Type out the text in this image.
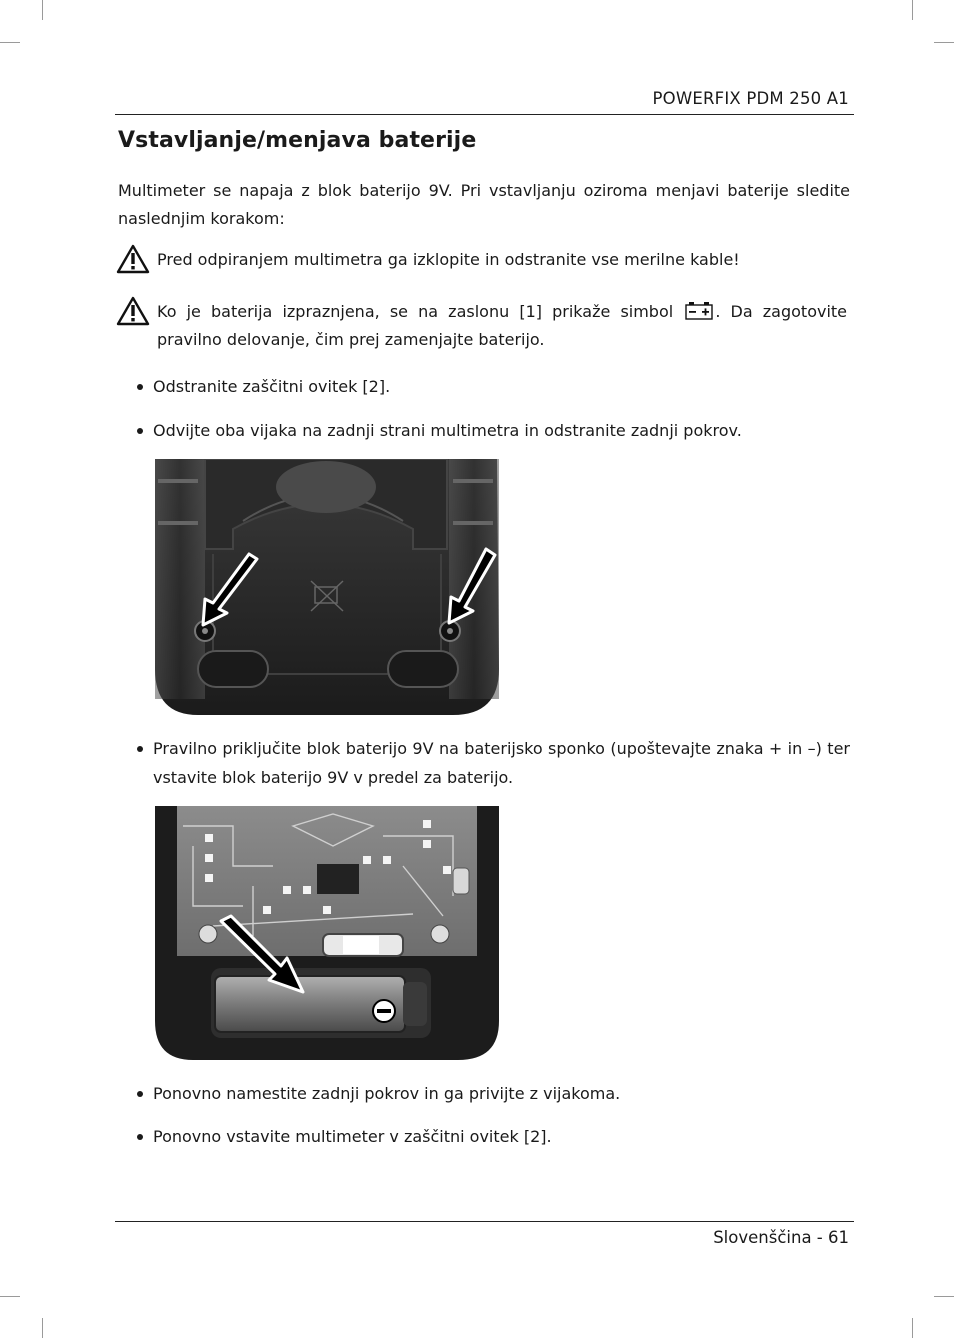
POWERFIX PDM 250 A1
Vstavljanje/menjava baterije
Multimeter se napaja z blok baterijo 9V. Pri vstavljanju oziroma menjavi baterije sledite naslednjim korakom:
Pred odpiranjem multimetra ga izklopite in odstranite vse merilne kable!
Ko je baterija izpraznjena, se na zaslonu [1] prikaže simbol	. Da zagotovite pravilno delovanje, čim prej zamenjajte baterijo.
Odstranite zaščitni ovitek [2].
Odvijte oba vijaka na zadnji strani multimetra in odstranite zadnji pokrov.
Pravilno priključite blok baterijo 9V na baterijsko sponko (upoštevajte znaka + in –) ter vstavite blok baterijo 9V v predel za baterijo.
Ponovno namestite zadnji pokrov in ga privijte z vijakoma.
Ponovno vstavite multimeter v zaščitni ovitek [2].
Slovenščina - 61
